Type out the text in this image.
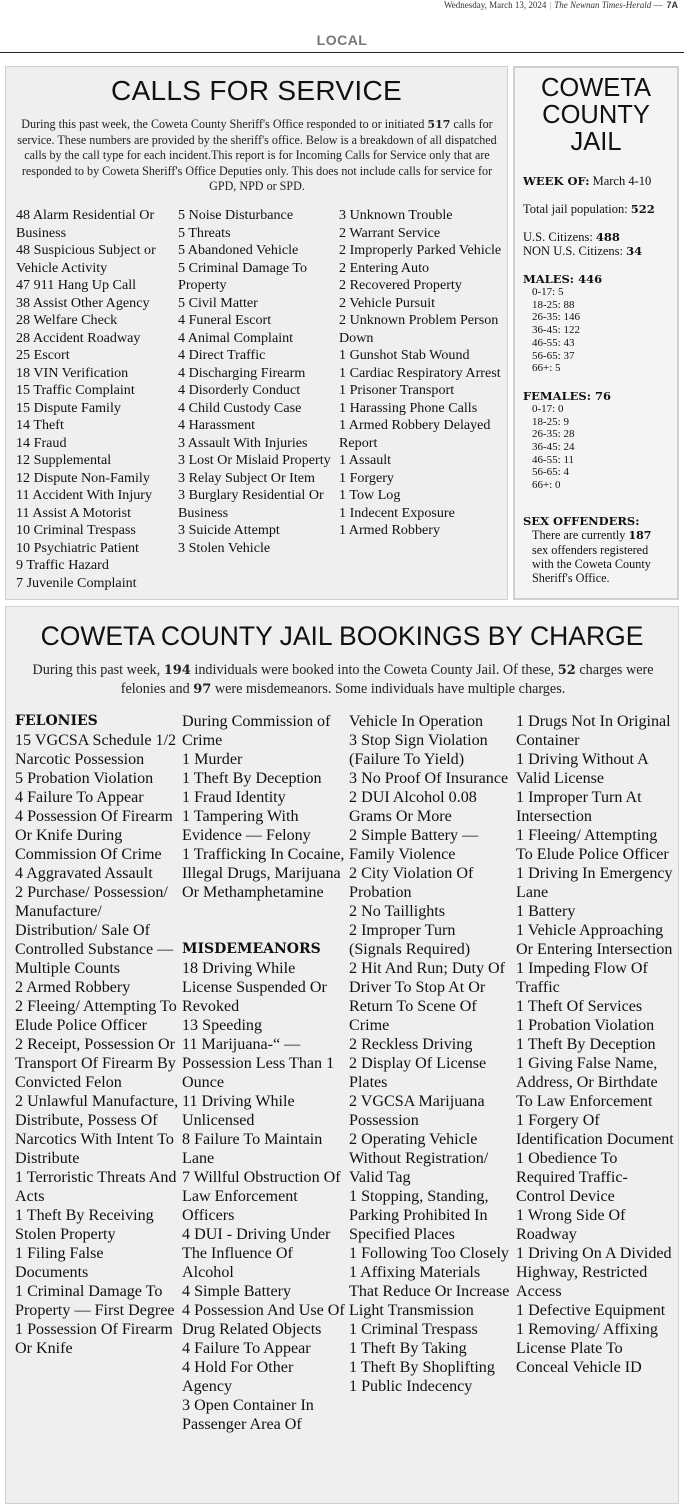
Wednesday, March 13, 2024 | The Newnan Times-Herald — 7A
LOCAL
CALLS FOR SERVICE

During this past week, the Coweta County Sheriff's Office responded to or initiated 517 calls for service. These numbers are provided by the sheriff's office. Below is a breakdown of all dispatched calls by the call type for each incident.This report is for Incoming Calls for Service only that are responded to by Coweta Sheriff's Office Deputies only. This does not include calls for service for GPD, NPD or SPD.

48 Alarm Residential Or Business
48 Suspicious Subject or Vehicle Activity
47 911 Hang Up Call
38 Assist Other Agency
28 Welfare Check
28 Accident Roadway
25 Escort
18 VIN Verification
15 Traffic Complaint
15 Dispute Family
14 Theft
14 Fraud
12 Supplemental
12 Dispute Non-Family
11 Accident With Injury
11 Assist A Motorist
10 Criminal Trespass
10 Psychiatric Patient
9 Traffic Hazard
7 Juvenile Complaint
5 Noise Disturbance
5 Threats
5 Abandoned Vehicle
5 Criminal Damage To Property
5 Civil Matter
4 Funeral Escort
4 Animal Complaint
4 Direct Traffic
4 Discharging Firearm
4 Disorderly Conduct
4 Child Custody Case
4 Harassment
3 Assault With Injuries
3 Lost Or Mislaid Property
3 Relay Subject Or Item
3 Burglary Residential Or Business
3 Suicide Attempt
3 Stolen Vehicle
3 Unknown Trouble
2 Warrant Service
2 Improperly Parked Vehicle
2 Entering Auto
2 Recovered Property
2 Vehicle Pursuit
2 Unknown Problem Person Down
1 Gunshot Stab Wound
1 Cardiac Respiratory Arrest
1 Prisoner Transport
1 Harassing Phone Calls
1 Armed Robbery Delayed Report
1 Assault
1 Forgery
1 Tow Log
1 Indecent Exposure
1 Armed Robbery
COWETA
COUNTY
JAIL
WEEK OF: March 4-10
Total jail population: 522
U.S. Citizens: 488
NON U.S. Citizens: 34
MALES: 446
0-17: 5
18-25: 88
26-35: 146
36-45: 122
46-55: 43
56-65: 37
66+: 5
FEMALES: 76
0-17: 0
18-25: 9
26-35: 28
36-45: 24
46-55: 11
56-65: 4
66+: 0
SEX OFFENDERS:
There are currently 187 sex offenders registered with the Coweta County Sheriff's Office.
COWETA COUNTY JAIL BOOKINGS BY CHARGE

During this past week, 194 individuals were booked into the Coweta County Jail. Of these, 52 charges were felonies and 97 were misdemeanors. Some individuals have multiple charges.

FELONIES
15 VGCSA Schedule 1/2 Narcotic Possession
5 Probation Violation
4 Failure To Appear
4 Possession Of Firearm Or Knife During Commission Of Crime
4 Aggravated Assault
2 Purchase/ Possession/ Manufacture/ Distribution/ Sale Of Controlled Substance — Multiple Counts
2 Armed Robbery
2 Fleeing/ Attempting To Elude Police Officer
2 Receipt, Possession Or Transport Of Firearm By Convicted Felon
2 Unlawful Manufacture, Distribute, Possess Of Narcotics With Intent To Distribute
1 Terroristic Threats And Acts
1 Theft By Receiving Stolen Property
1 Filing False Documents
1 Criminal Damage To Property — First Degree
1 Possession Of Firearm Or Knife
During Commission of Crime
1 Murder
1 Theft By Deception
1 Fraud Identity
1 Tampering With Evidence — Felony
1 Trafficking In Cocaine, Illegal Drugs, Marijuana Or Methamphetamine
MISDEMEANORS
18 Driving While License Suspended Or Revoked
13 Speeding
11 Marijuana-“ — Possession Less Than 1 Ounce
11 Driving While Unlicensed
8 Failure To Maintain Lane
7 Willful Obstruction Of Law Enforcement Officers
4 DUI - Driving Under The Influence Of Alcohol
4 Simple Battery
4 Possession And Use Of Drug Related Objects
4 Failure To Appear
4 Hold For Other Agency
3 Open Container In Passenger Area Of
Vehicle In Operation
3 Stop Sign Violation (Failure To Yield)
3 No Proof Of Insurance
2 DUI Alcohol 0.08 Grams Or More
2 Simple Battery — Family Violence
2 City Violation Of Probation
2 No Taillights
2 Improper Turn (Signals Required)
2 Hit And Run; Duty Of Driver To Stop At Or Return To Scene Of Crime
2 Reckless Driving
2 Display Of License Plates
2 VGCSA Marijuana Possession
2 Operating Vehicle Without Registration/ Valid Tag
1 Stopping, Standing, Parking Prohibited In Specified Places
1 Following Too Closely
1 Affixing Materials That Reduce Or Increase Light Transmission
1 Criminal Trespass
1 Theft By Taking
1 Theft By Shoplifting
1 Public Indecency
1 Drugs Not In Original Container
1 Driving Without A Valid License
1 Improper Turn At Intersection
1 Fleeing/ Attempting To Elude Police Officer
1 Driving In Emergency Lane
1 Battery
1 Vehicle Approaching Or Entering Intersection
1 Impeding Flow Of Traffic
1 Theft Of Services
1 Probation Violation
1 Theft By Deception
1 Giving False Name, Address, Or Birthdate To Law Enforcement
1 Forgery Of Identification Document
1 Obedience To Required Traffic-Control Device
1 Wrong Side Of Roadway
1 Driving On A Divided Highway, Restricted Access
1 Defective Equipment
1 Removing/ Affixing License Plate To Conceal Vehicle ID
